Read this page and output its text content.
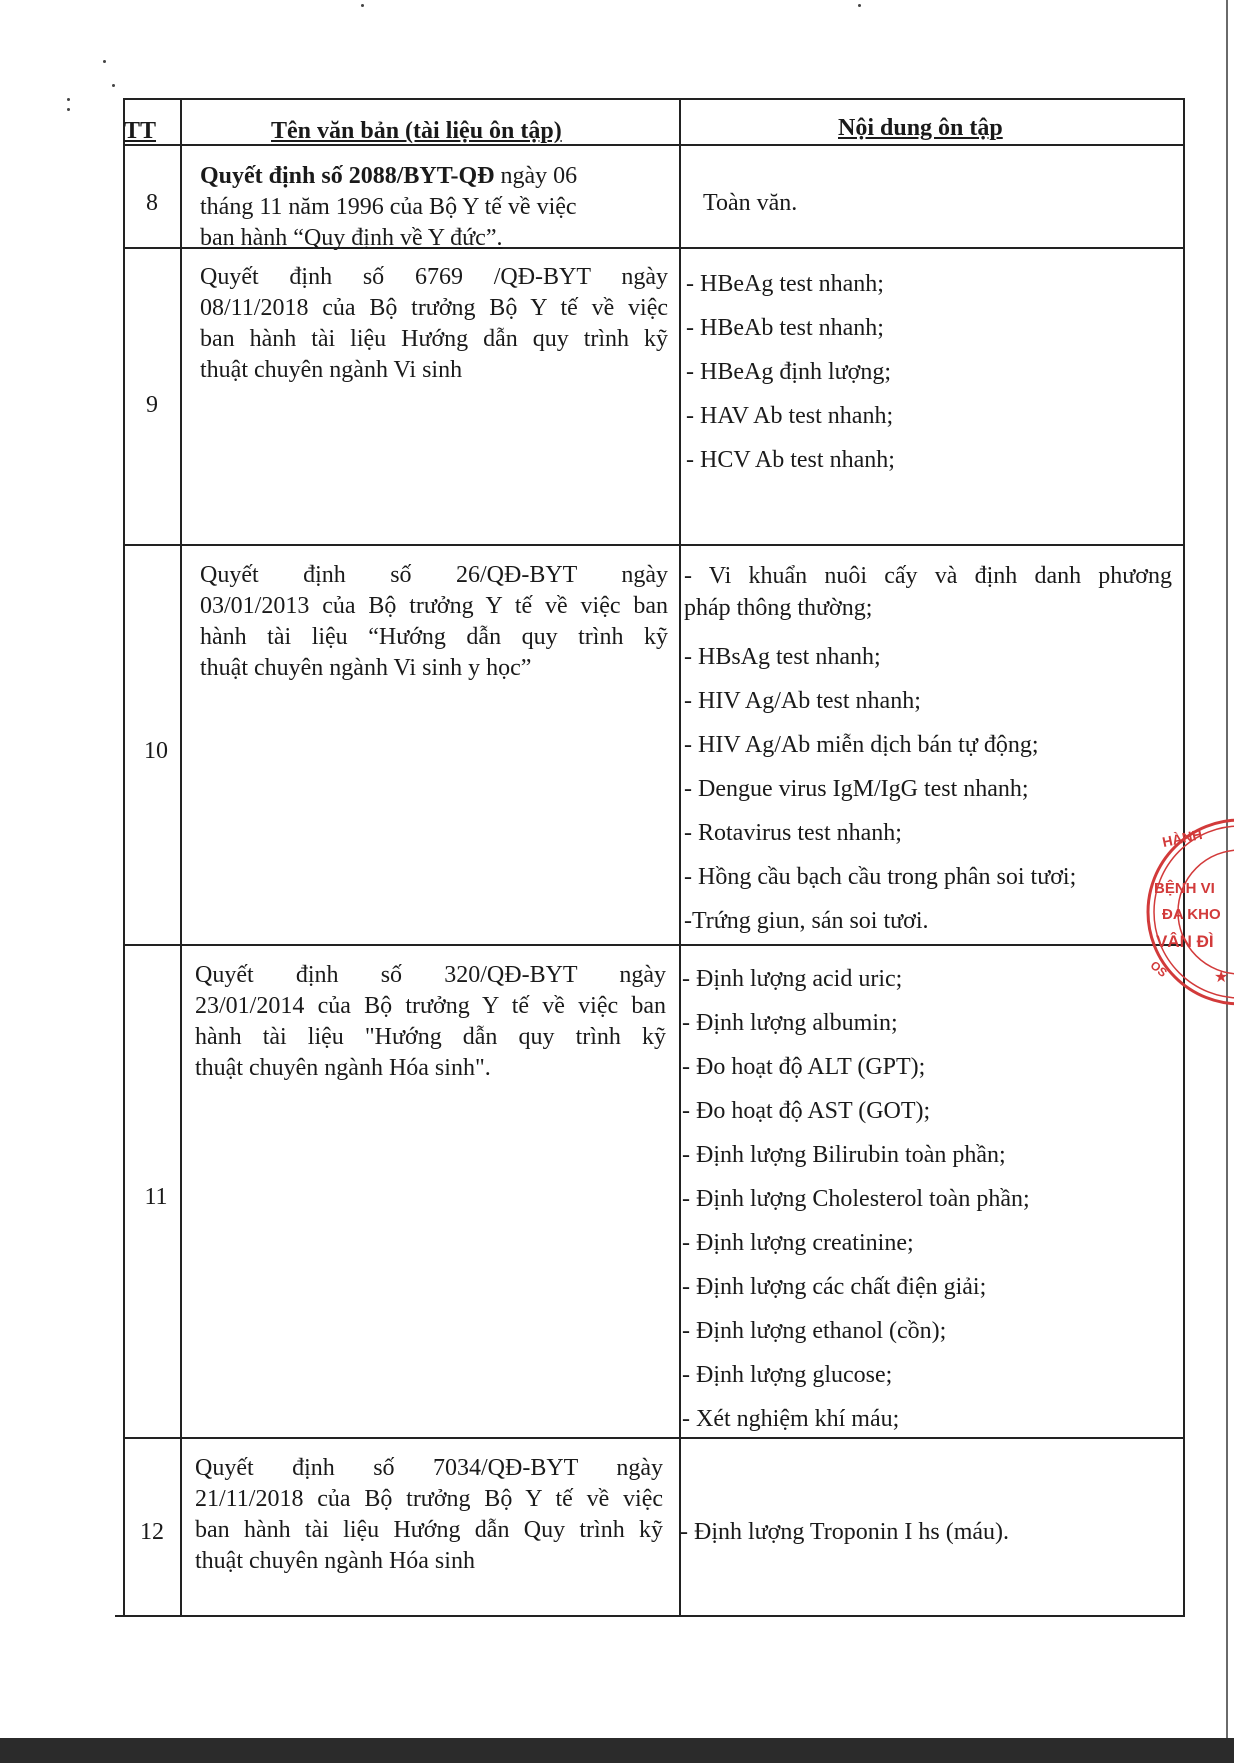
TT	Tên văn bản (tài liệu ôn tập)	Nội dung ôn tập
8
Quyết định số 2088/BYT-QĐ ngày 06
tháng 11 năm 1996 của Bộ Y tế về việc
ban hành “Quy định về Y đức”.
Toàn văn.
9
Quyết định số 6769 /QĐ-BYT ngày
08/11/2018 của Bộ trưởng Bộ Y tế về việc
ban hành tài liệu Hướng dẫn quy trình kỹ
thuật chuyên ngành Vi sinh
- HBeAg test nhanh;
- HBeAb test nhanh;
- HBeAg định lượng;
- HAV Ab test nhanh;
- HCV Ab test nhanh;
10
Quyết định số 26/QĐ-BYT ngày
03/01/2013 của Bộ trưởng Y tế về việc ban
hành tài liệu “Hướng dẫn quy trình kỹ
thuật chuyên ngành Vi sinh y học”
- Vi khuẩn nuôi cấy và định danh phương
pháp thông thường;
- HBsAg test nhanh;
- HIV Ag/Ab test nhanh;
- HIV Ag/Ab miễn dịch bán tự động;
- Dengue virus IgM/IgG test nhanh;
- Rotavirus test nhanh;
- Hồng cầu bạch cầu trong phân soi tươi;
-Trứng giun, sán soi tươi.
11
Quyết định số 320/QĐ-BYT ngày
23/01/2014 của Bộ trưởng Y tế về việc ban
hành tài liệu "Hướng dẫn quy trình kỹ
thuật chuyên ngành Hóa sinh".
- Định lượng acid uric;
- Định lượng albumin;
- Đo hoạt độ ALT (GPT);
- Đo hoạt độ AST (GOT);
- Định lượng Bilirubin toàn phần;
- Định lượng Cholesterol toàn phần;
- Định lượng creatinine;
- Định lượng các chất điện giải;
- Định lượng ethanol (cồn);
- Định lượng glucose;
- Xét nghiệm khí máu;
12
Quyết định số 7034/QĐ-BYT ngày
21/11/2018 của Bộ trưởng Bộ Y tế về việc
ban hành tài liệu Hướng dẫn Quy trình kỹ
thuật chuyên ngành Hóa sinh
- Định lượng Troponin I hs (máu).
★
HÀNH
BỆNH VI
ĐA KHO
VÂN ĐÌ
OS
